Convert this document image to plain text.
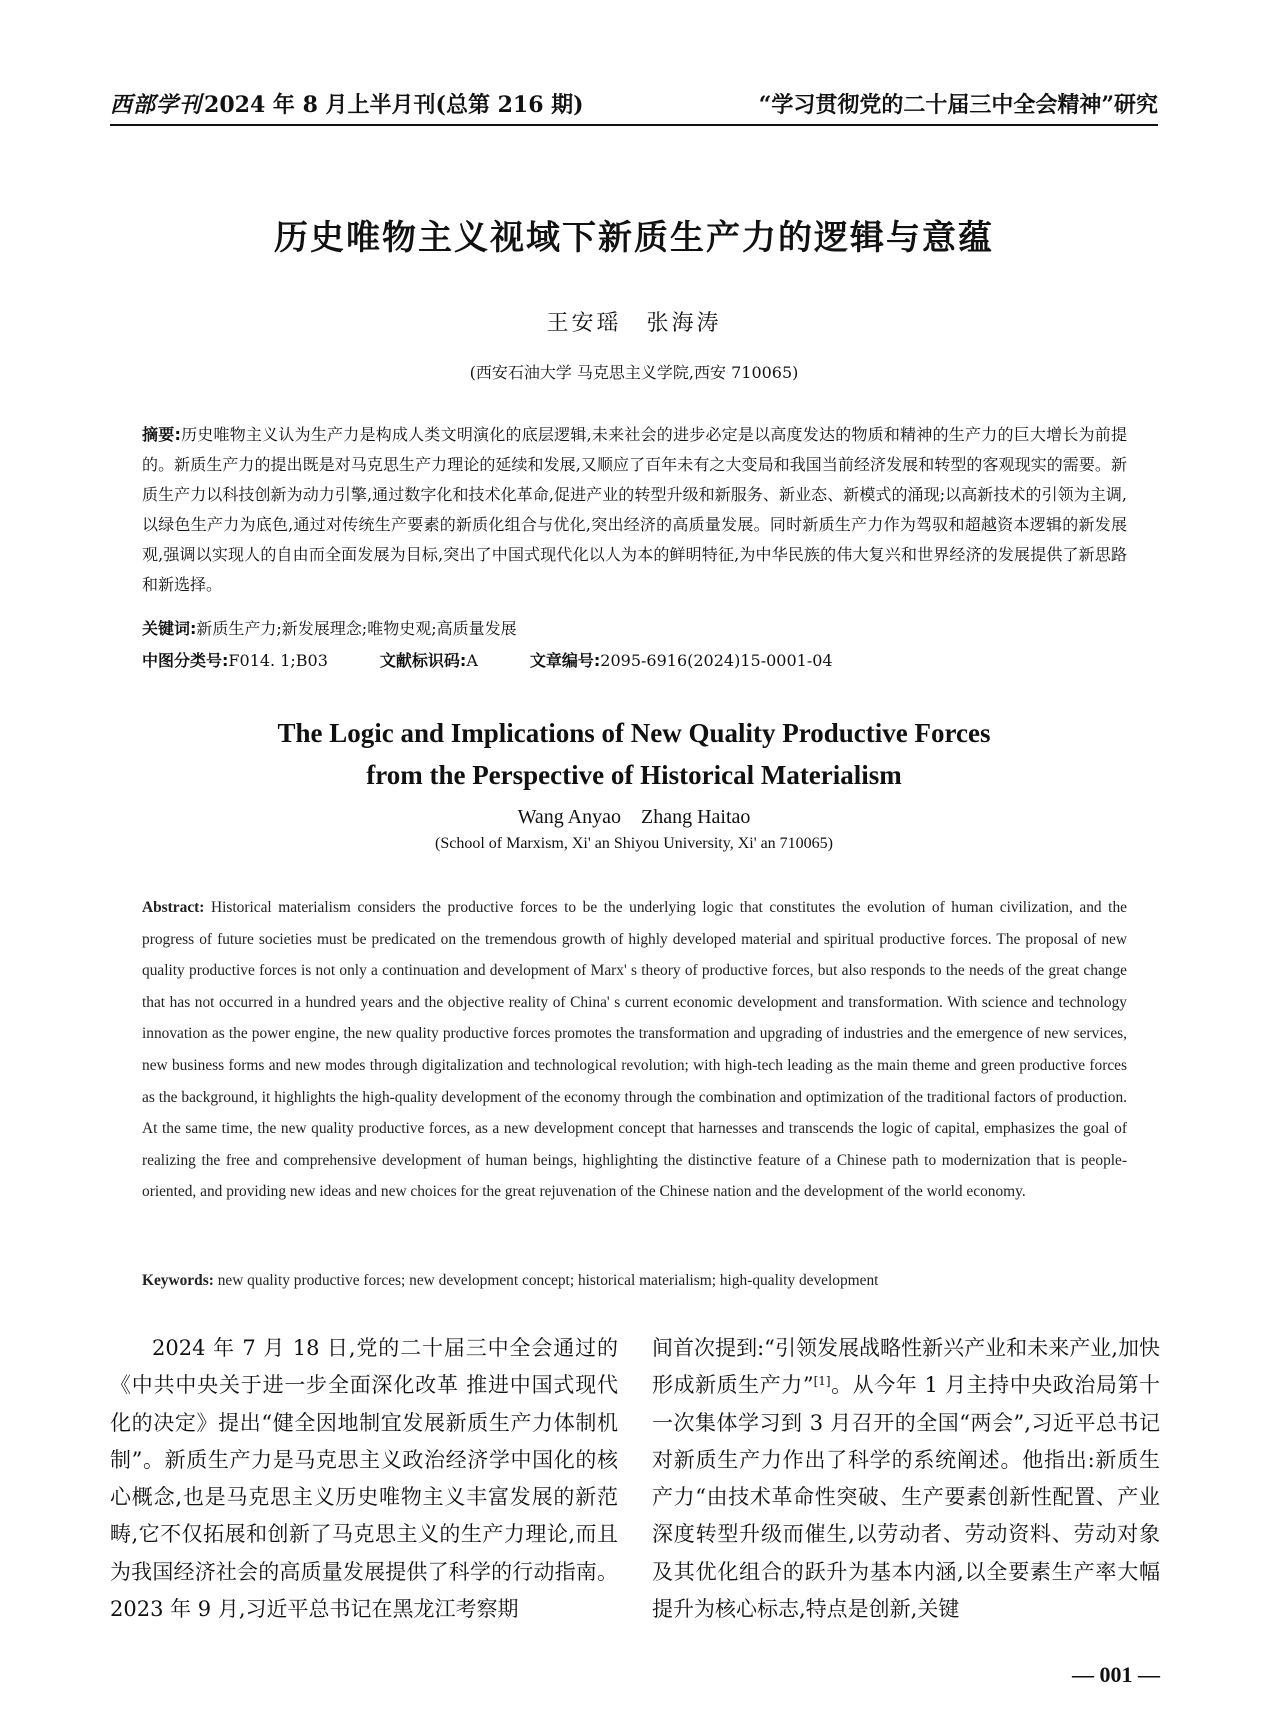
西部学刊2024 年 8 月上半月刊(总第 216 期)	“学习贯彻党的二十届三中全会精神”研究
历史唯物主义视域下新质生产力的逻辑与意蕴
王安瑶　张海涛
(西安石油大学 马克思主义学院,西安 710065)
摘要:历史唯物主义认为生产力是构成人类文明演化的底层逻辑,未来社会的进步必定是以高度发达的物质和精神的生产力的巨大增长为前提的。新质生产力的提出既是对马克思生产力理论的延续和发展,又顺应了百年未有之大变局和我国当前经济发展和转型的客观现实的需要。新质生产力以科技创新为动力引擎,通过数字化和技术化革命,促进产业的转型升级和新服务、新业态、新模式的涌现;以高新技术的引领为主调,以绿色生产力为底色,通过对传统生产要素的新质化组合与优化,突出经济的高质量发展。同时新质生产力作为驾驭和超越资本逻辑的新发展观,强调以实现人的自由而全面发展为目标,突出了中国式现代化以人为本的鲜明特征,为中华民族的伟大复兴和世界经济的发展提供了新思路和新选择。
关键词:新质生产力;新发展理念;唯物史观;高质量发展
中图分类号:F014. 1;B03	文献标识码:A	文章编号:2095-6916(2024)15-0001-04
The Logic and Implications of New Quality Productive Forces
from the Perspective of Historical Materialism
Wang Anyao　Zhang Haitao
(School of Marxism, Xi' an Shiyou University, Xi' an 710065)
Abstract: Historical materialism considers the productive forces to be the underlying logic that constitutes the evolution of human civilization, and the progress of future societies must be predicated on the tremendous growth of highly developed material and spiritual productive forces. The proposal of new quality productive forces is not only a continuation and development of Marx' s theory of productive forces, but also responds to the needs of the great change that has not occurred in a hundred years and the objective reality of China' s current economic development and transformation. With science and technology innovation as the power engine, the new quality productive forces promotes the transformation and upgrading of industries and the emergence of new services, new business forms and new modes through digitalization and technological revolution; with high-tech leading as the main theme and green productive forces as the background, it highlights the high-quality development of the economy through the combination and optimization of the traditional factors of production. At the same time, the new quality productive forces, as a new development concept that harnesses and transcends the logic of capital, emphasizes the goal of realizing the free and comprehensive development of human beings, highlighting the distinctive feature of a Chinese path to modernization that is people-oriented, and providing new ideas and new choices for the great rejuvenation of the Chinese nation and the development of the world economy.
Keywords: new quality productive forces; new development concept; historical materialism; high-quality development
2024 年 7 月 18 日,党的二十届三中全会通过的《中共中央关于进一步全面深化改革 推进中国式现代化的决定》提出“健全因地制宜发展新质生产力体制机制”。新质生产力是马克思主义政治经济学中国化的核心概念,也是马克思主义历史唯物主义丰富发展的新范畴,它不仅拓展和创新了马克思主义的生产力理论,而且为我国经济社会的高质量发展提供了科学的行动指南。2023 年 9 月,习近平总书记在黑龙江考察期
间首次提到:“引领发展战略性新兴产业和未来产业,加快形成新质生产力”[1]。从今年 1 月主持中央政治局第十一次集体学习到 3 月召开的全国“两会”,习近平总书记对新质生产力作出了科学的系统阐述。他指出:新质生产力“由技术革命性突破、生产要素创新性配置、产业深度转型升级而催生,以劳动者、劳动资料、劳动对象及其优化组合的跃升为基本内涵,以全要素生产率大幅提升为核心标志,特点是创新,关键
— 001 —
